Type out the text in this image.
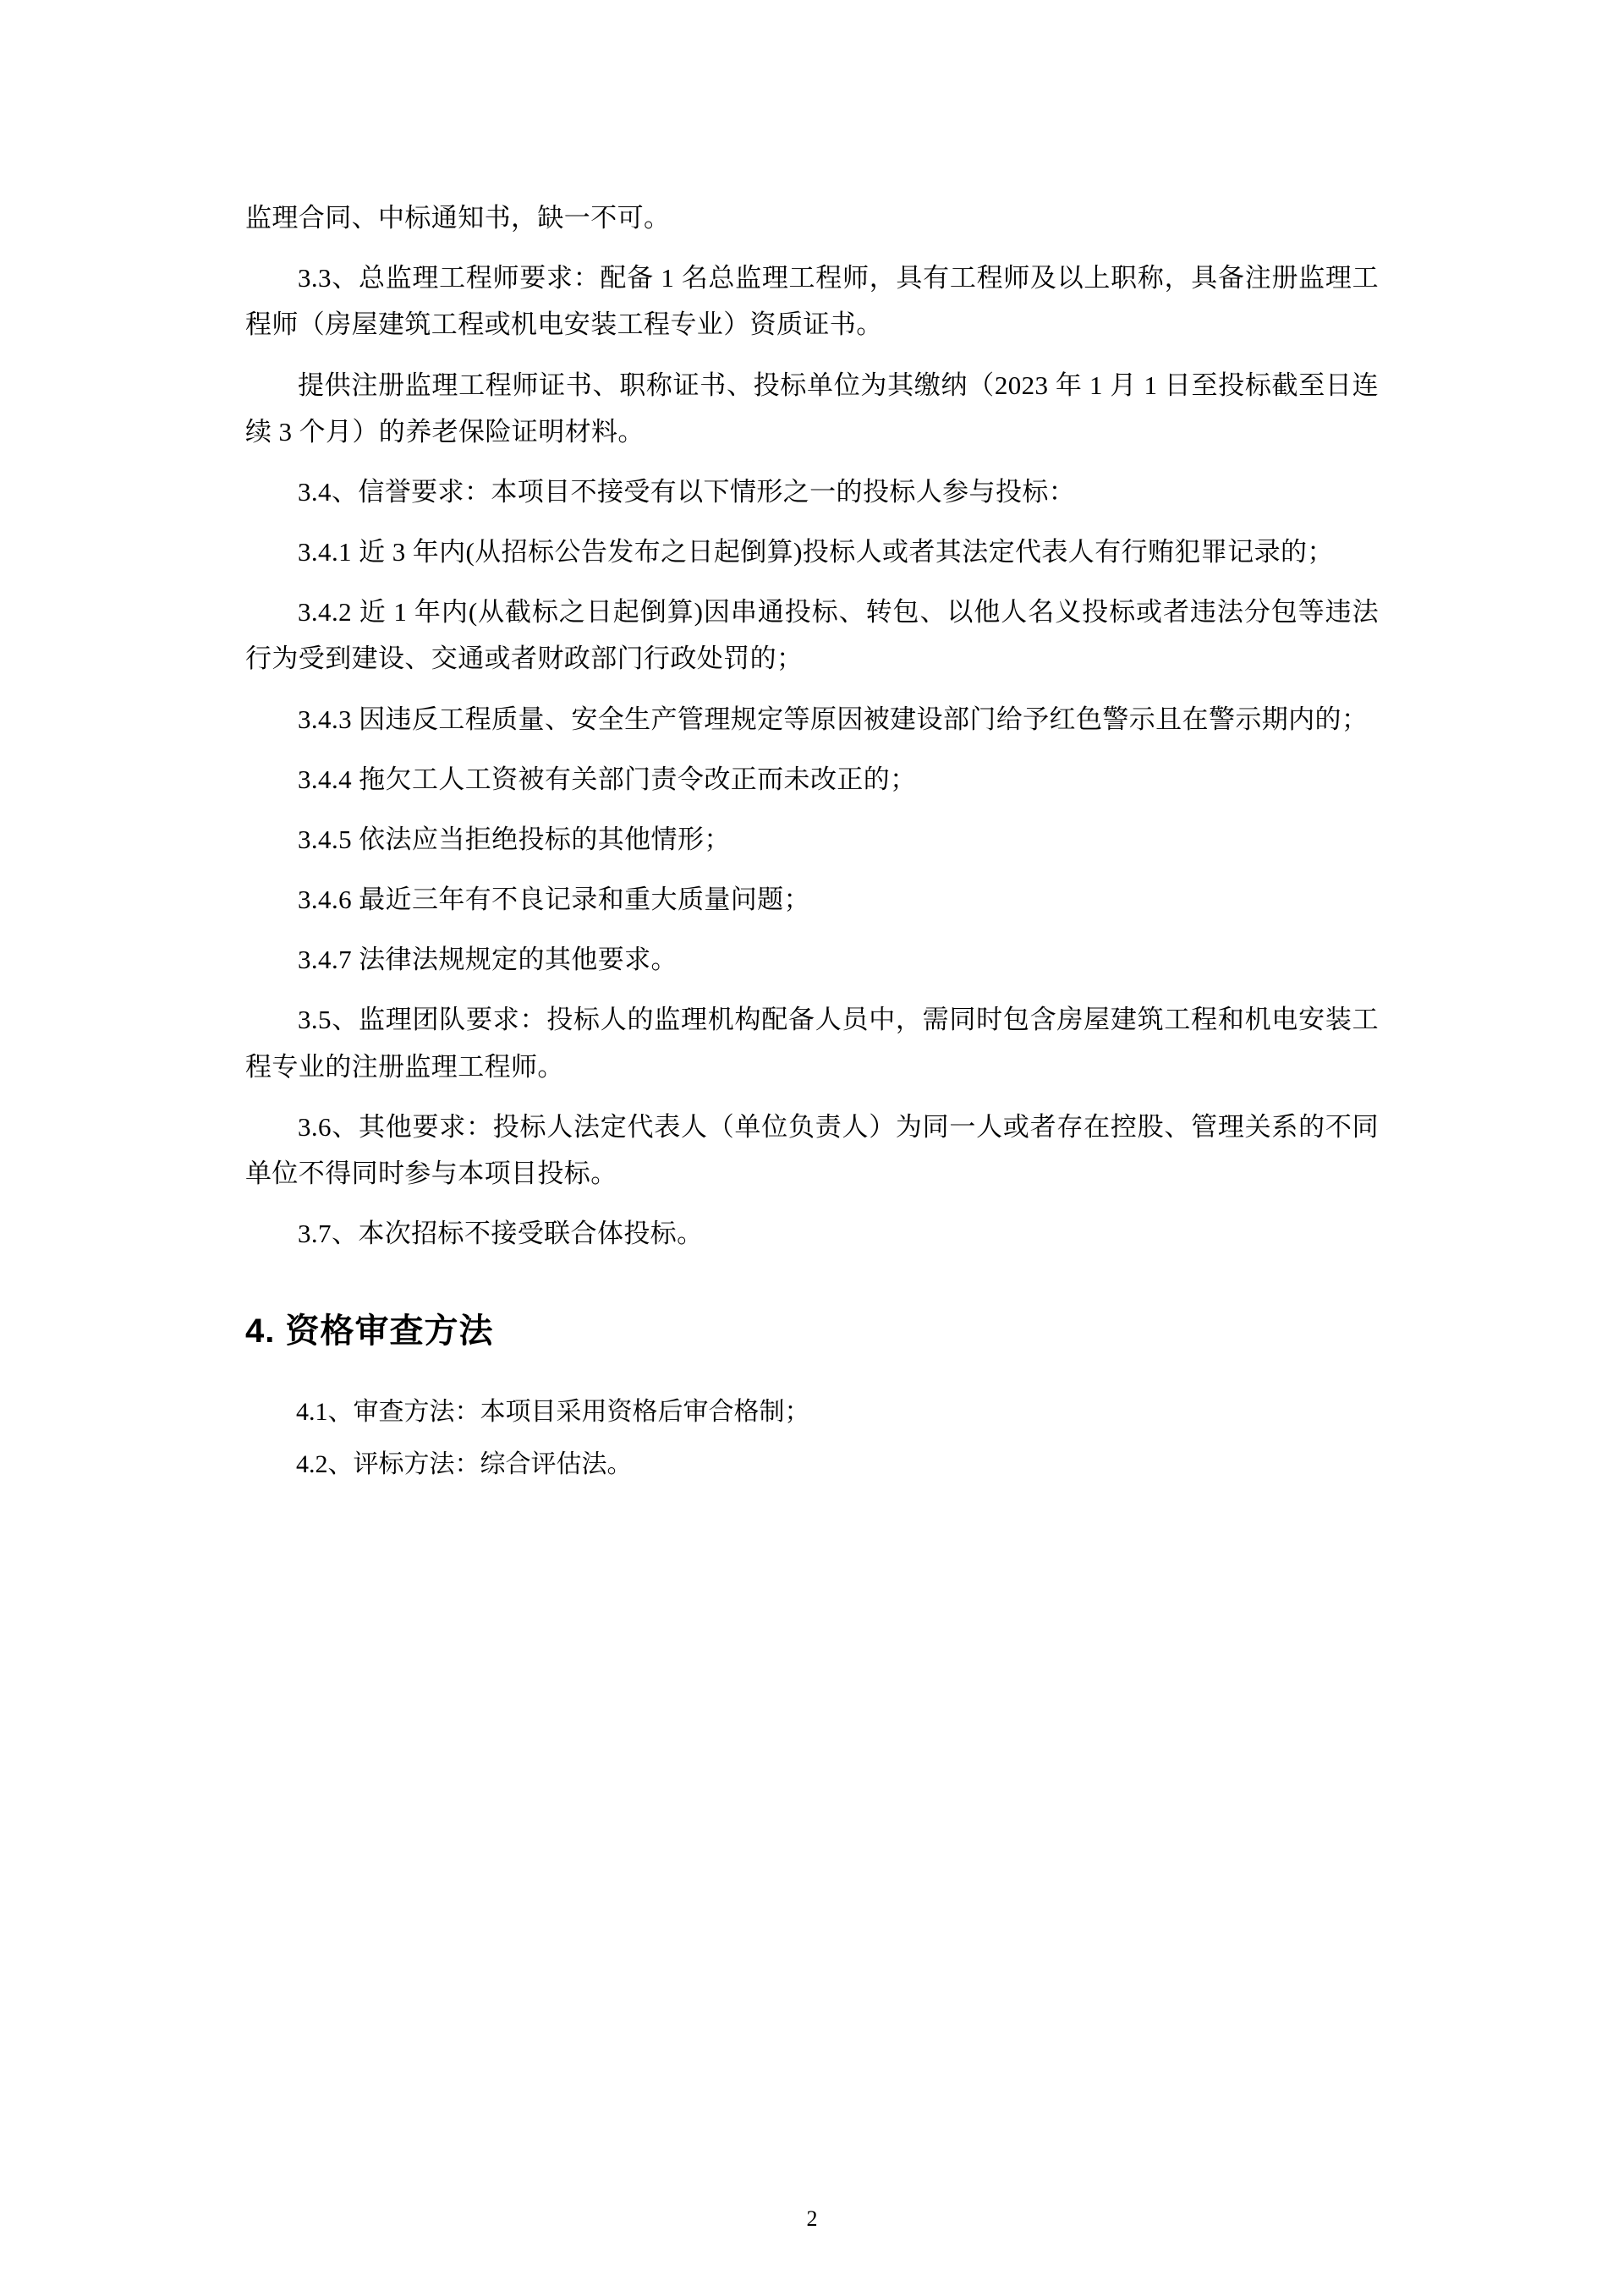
监理合同、中标通知书，缺一不可。

3.3、总监理工程师要求：配备 1 名总监理工程师，具有工程师及以上职称，具备注册监理工程师（房屋建筑工程或机电安装工程专业）资质证书。

提供注册监理工程师证书、职称证书、投标单位为其缴纳（2023 年 1 月 1 日至投标截至日连续 3 个月）的养老保险证明材料。

3.4、信誉要求：本项目不接受有以下情形之一的投标人参与投标：

3.4.1 近 3 年内(从招标公告发布之日起倒算)投标人或者其法定代表人有行贿犯罪记录的；

3.4.2 近 1 年内(从截标之日起倒算)因串通投标、转包、以他人名义投标或者违法分包等违法行为受到建设、交通或者财政部门行政处罚的；

3.4.3 因违反工程质量、安全生产管理规定等原因被建设部门给予红色警示且在警示期内的；

3.4.4 拖欠工人工资被有关部门责令改正而未改正的；

3.4.5 依法应当拒绝投标的其他情形；

3.4.6 最近三年有不良记录和重大质量问题；

3.4.7 法律法规规定的其他要求。

3.5、监理团队要求：投标人的监理机构配备人员中，需同时包含房屋建筑工程和机电安装工程专业的注册监理工程师。

3.6、其他要求：投标人法定代表人（单位负责人）为同一人或者存在控股、管理关系的不同单位不得同时参与本项目投标。

3.7、本次招标不接受联合体投标。

4. 资格审查方法

4.1、审查方法：本项目采用资格后审合格制；

4.2、评标方法：综合评估法。

2
